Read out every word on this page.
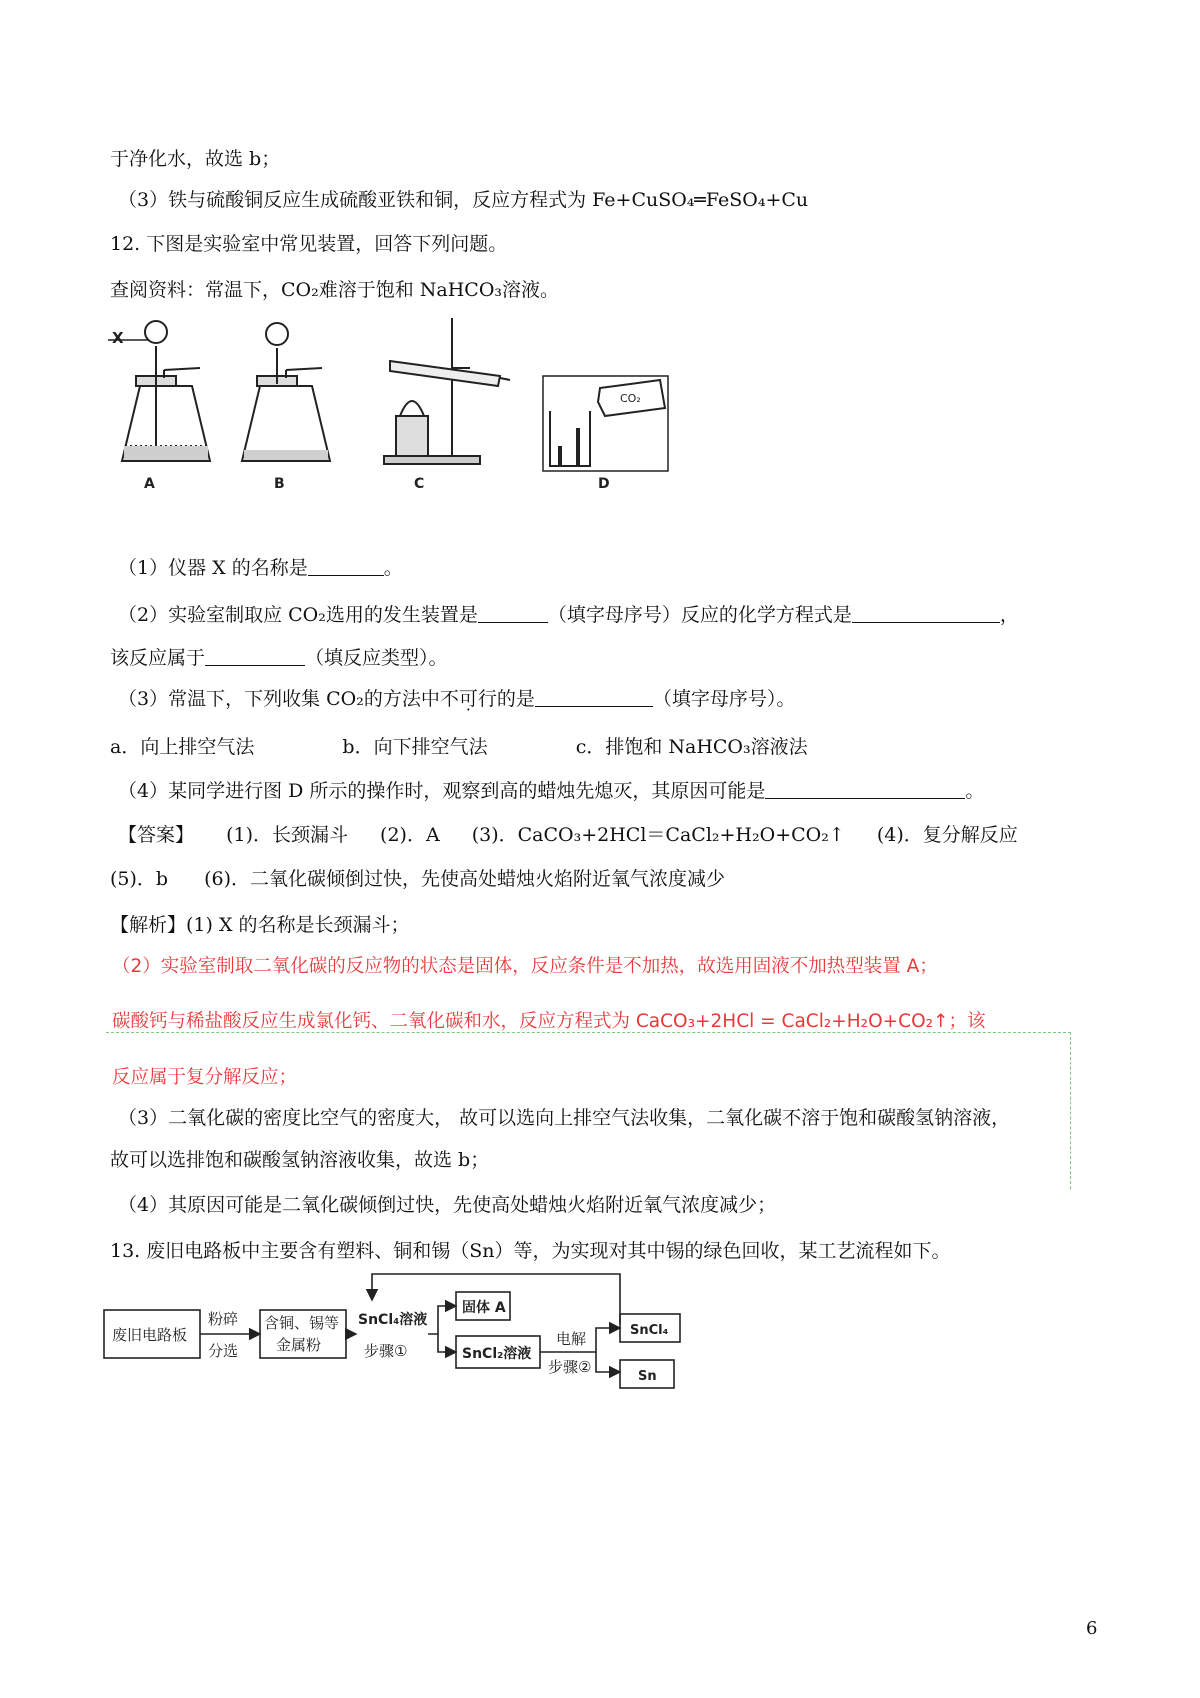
于净化水，故选 b；
（3）铁与硫酸铜反应生成硫酸亚铁和铜，反应方程式为 Fe+CuSO₄═FeSO₄+Cu
12. 下图是实验室中常见装置，回答下列问题。
查阅资料：常温下，CO₂难溶于饱和 NaHCO₃溶液。
X
CO₂
A	B	C	D
（1）仪器 X 的名称是	。
（2）实验室制取应 CO₂选用的发生装置是	（填字母序号）反应的化学方程式是	，
该反应属于	（填反应类型）。
（3）常温下，下列收集 CO₂的方法中不可行的是	（填字母序号）。
a．向上排空气法	b．向下排空气法	c．排饱和 NaHCO₃溶液法
（4）某同学进行图 D 所示的操作时，观察到高的蜡烛先熄灭，其原因可能是	。
【答案】 (1)．长颈漏斗 (2)．A (3)．CaCO₃+2HCl＝CaCl₂+H₂O+CO₂↑ (4)．复分解反应
(5)．b (6)．二氧化碳倾倒过快，先使高处蜡烛火焰附近氧气浓度减少
【解析】(1) X 的名称是长颈漏斗；
（2）实验室制取二氧化碳的反应物的状态是固体，反应条件是不加热，故选用固液不加热型装置 A；
碳酸钙与稀盐酸反应生成氯化钙、二氧化碳和水，反应方程式为 CaCO₃+2HCl = CaCl₂+H₂O+CO₂↑；该
反应属于复分解反应；
（3）二氧化碳的密度比空气的密度大， 故可以选向上排空气法收集，二氧化碳不溶于饱和碳酸氢钠溶液，
故可以选排饱和碳酸氢钠溶液收集，故选 b；
（4）其原因可能是二氧化碳倾倒过快，先使高处蜡烛火焰附近氧气浓度减少；
13. 废旧电路板中主要含有塑料、铜和锡（Sn）等，为实现对其中锡的绿色回收，某工艺流程如下。
废旧电路板
粉碎
分选
含铜、锡等
金属粉
SnCl₄溶液
步骤①
固体 A
SnCl₂溶液
电解
步骤②
SnCl₄
Sn
6
